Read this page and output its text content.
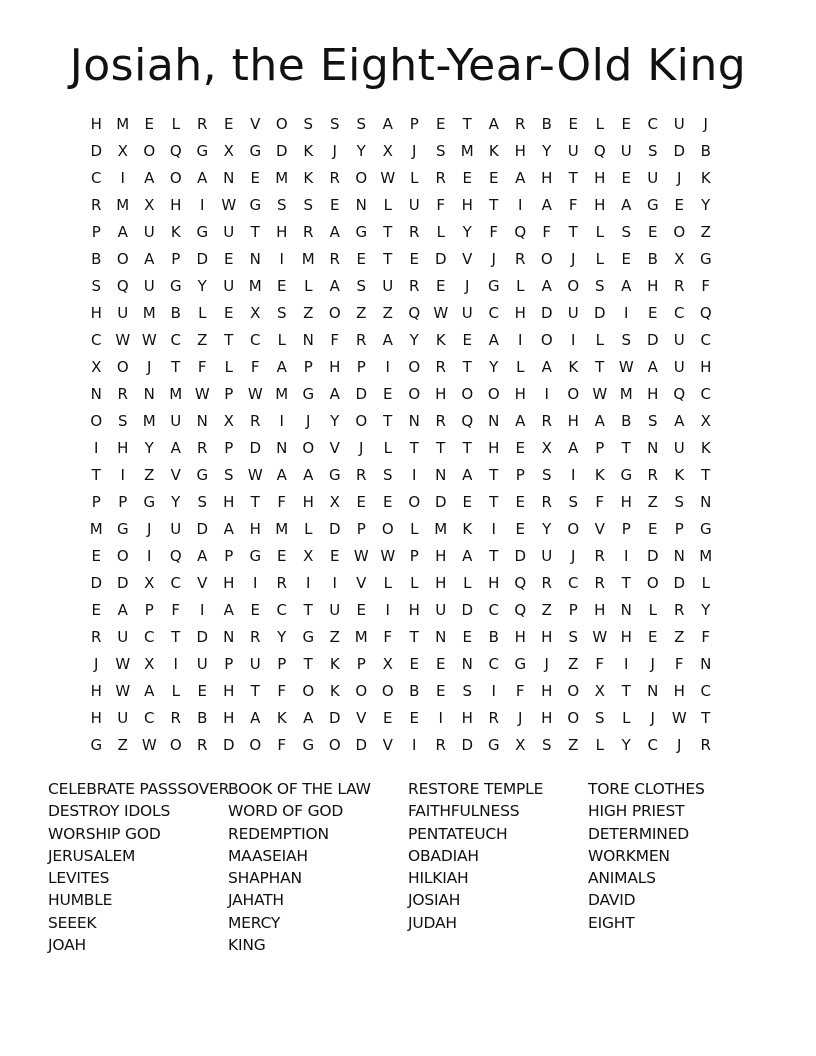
Josiah, the Eight-Year-Old King
H M	E	L	R	E	V	O	S	S	S	A	P	E	T	A	R	B	E	L	E	C	U	J
D	X	O Q G	X	G D	K	J	Y	X	J	S	M	K	H	Y	U	Q	U	S	D	B
C	I	A	O	A	N	E	M	K	R	O W L	R	E	E	A	H	T	H	E	U	J	K
R M X	H	I	W G	S	S	E	N	L	U	F	H	T	I	A	F	H	A	G	E	Y
P	A	U	K	G	U	T	H	R	A	G	T	R	L	Y	F	Q	F	T	L	S	E	O	Z
B	O	A	P	D	E	N	I	M R	E	T	E	D	V	J	R	O	J	L	E	B	X	G
S	Q	U	G	Y	U M	E	L	A	S	U	R	E	J	G	L	A	O	S	A	H	R	F
H	U M B	L	E	X	S	Z	O	Z	Z	Q W U	C	H	D	U	D	I	E	C	Q
C W W C	Z	T	C	L	N	F	R	A	Y	K	E	A	I	O	I	L	S	D	U	C
X	O	J	T	F	L	F	A	P	H	P	I	O	R	T	Y	L	A	K	T W A	U	H
N	R	N M W P W M G	A	D	E	O H O O H	I	O W M H Q	C
O	S	M U	N	X	R	I	J	Y	O	T	N	R	Q N	A	R	H	A	B	S	A	X
I	H	Y	A	R	P	D	N O	V	J	L	T	T	T	H	E	X	A	P	T	N	U	K
T	I	Z	V	G	S W A	A	G	R	S	I	N	A	T	P	S	I	K	G	R	K	T
P	P	G	Y	S	H	T	F	H	X	E	E	O D	E	T	E	R	S	F	H	Z	S	N
M G	J	U	D	A	H M	L	D	P	O	L	M	K	I	E	Y	O	V	P	E	P	G
E	O	I	Q	A	P	G	E	X	E W W P	H	A	T	D	U	J	R	I	D	N M
D D	X	C	V	H	I	R	I	I	V	L	L	H	L	H Q	R	C	R	T	O D	L
E	A	P	F	I	A	E	C	T	U	E	I	H	U	D	C	Q	Z	P	H	N	L	R	Y
R	U	C	T	D	N	R	Y	G	Z M	F	T	N	E	B	H	H	S W H	E	Z	F
J	W X	I	U	P	U	P	T	K	P	X	E	E	N	C	G	J	Z	F	I	J	F	N
H W A	L	E	H	T	F	O	K	O O	B	E	S	I	F	H O	X	T	N	H	C
H	U	C	R	B	H	A	K	A	D	V	E	E	I	H	R	J	H O	S	L	J	W T
G	Z W O	R	D O	F	G O D	V	I	R	D G	X	S	Z	L	Y	C	J	R
CELEBRATE PASSSOVER
DESTROY IDOLS
WORSHIP GOD
JERUSALEM
LEVITES
HUMBLE
SEEEK
JOAH
BOOK OF THE LAW
WORD OF GOD
REDEMPTION
MAASEIAH
SHAPHAN
JAHATH
MERCY
KING
RESTORE TEMPLE
FAITHFULNESS
PENTATEUCH
OBADIAH
HILKIAH
JOSIAH
JUDAH
TORE CLOTHES
HIGH PRIEST
DETERMINED
WORKMEN
ANIMALS
DAVID
EIGHT
